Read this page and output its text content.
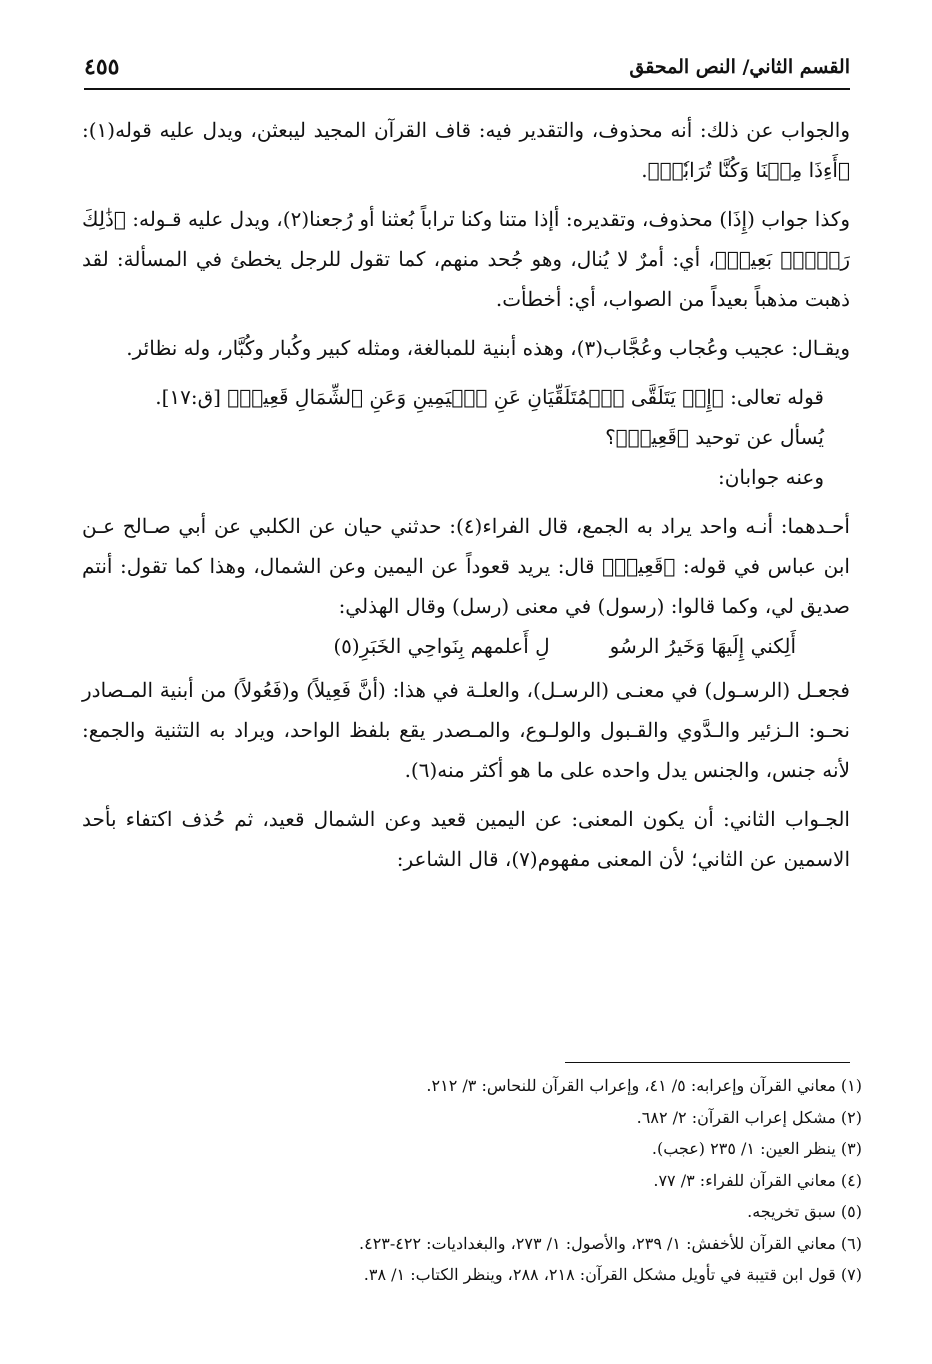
القسم الثاني/ النص المحقق
٤٥٥

والجواب عن ذلك: أنه محذوف، والتقدير فيه: قاف القرآن المجيد لیبعثن، ويدل عليه قوله(١): ﴿أَءِذَا مِتۡنَا وَكُنَّا تُرَابٗاۖ﴾.

وكذا جواب (إِذَا) محذوف، وتقديره: أإذا متنا وكنا تراباً بُعثنا أو رُجعنا(٢)، ويدل عليه قـوله: ﴿ذَٰلِكَ رَجۡعُۢ بَعِيدٞ﴾، أي: أمرٌ لا يُنال، وهو جُحد منهم، كما تقول للرجل يخطئ في المسألة: لقد ذهبت مذهباً بعيداً من الصواب، أي: أخطأت.

ويقـال: عجيب وعُجاب وعُجَّاب(٣)، وهذه أبنية للمبالغة، ومثله كبير وكُبار وكُبَّار، وله نظائر.

قوله تعالى: ﴿إِذۡ يَتَلَقَّى ٱلۡمُتَلَقِّيَانِ عَنِ ٱلۡيَمِينِ وَعَنِ ٱلشِّمَالِ قَعِيدٞ﴾ [ق:١٧].

يُسأل عن توحيد ﴿قَعِيدٞ﴾؟

وعنه جوابان:

أحـدهما: أنـه واحد يراد به الجمع، قال الفراء(٤): حدثني حيان عن الكلبي عن أبي صـالح عـن ابن عباس في قوله: ﴿قَعِيدٞ﴾ قال: يريد قعوداً عن اليمين وعن الشمال، وهذا كما تقول: أنتم صديق لي، وكما قالوا: (رسول) في معنى (رسل) وقال الهذلي:

أَلِكني إِلَيهَا وَخَيرُ الرسُو
لِ أَعلمهم بِنَواحِي الخَبَرِ(٥)

فجعـل (الرسـول) في معنـى (الرسـل)، والعلـة في هذا: (أنَّ فَعِيلاً) و(فَعُولاً) من أبنية المـصادر نحـو: الـزئير والـدَّوي والقـبول والولـوع، والمـصدر يقع بلفظ الواحد، ويراد به التثنية والجمع: لأنه جنس، والجنس يدل واحده على ما هو أكثر منه(٦).

الجـواب الثاني: أن يكون المعنى: عن اليمين قعيد وعن الشمال قعيد، ثم حُذف اكتفاء بأحد الاسمين عن الثاني؛ لأن المعنى مفهوم(٧)، قال الشاعر:

(١) معاني القرآن وإعرابه: ٥/ ٤١، وإعراب القرآن للنحاس: ٣/ ٢١٢.
(٢) مشكل إعراب القرآن: ٢/ ٦٨٢.
(٣) ينظر العين: ١/ ٢٣٥ (عجب).
(٤) معاني القرآن للفراء: ٣/ ٧٧.
(٥) سبق تخريجه.
(٦) معاني القرآن للأخفش: ١/ ٢٣٩، والأصول: ١/ ٢٧٣، والبغداديات: ٤٢٢-٤٢٣.
(٧) قول ابن قتيبة في تأويل مشكل القرآن: ٢١٨، ٢٨٨، وينظر الكتاب: ١/ ٣٨.
